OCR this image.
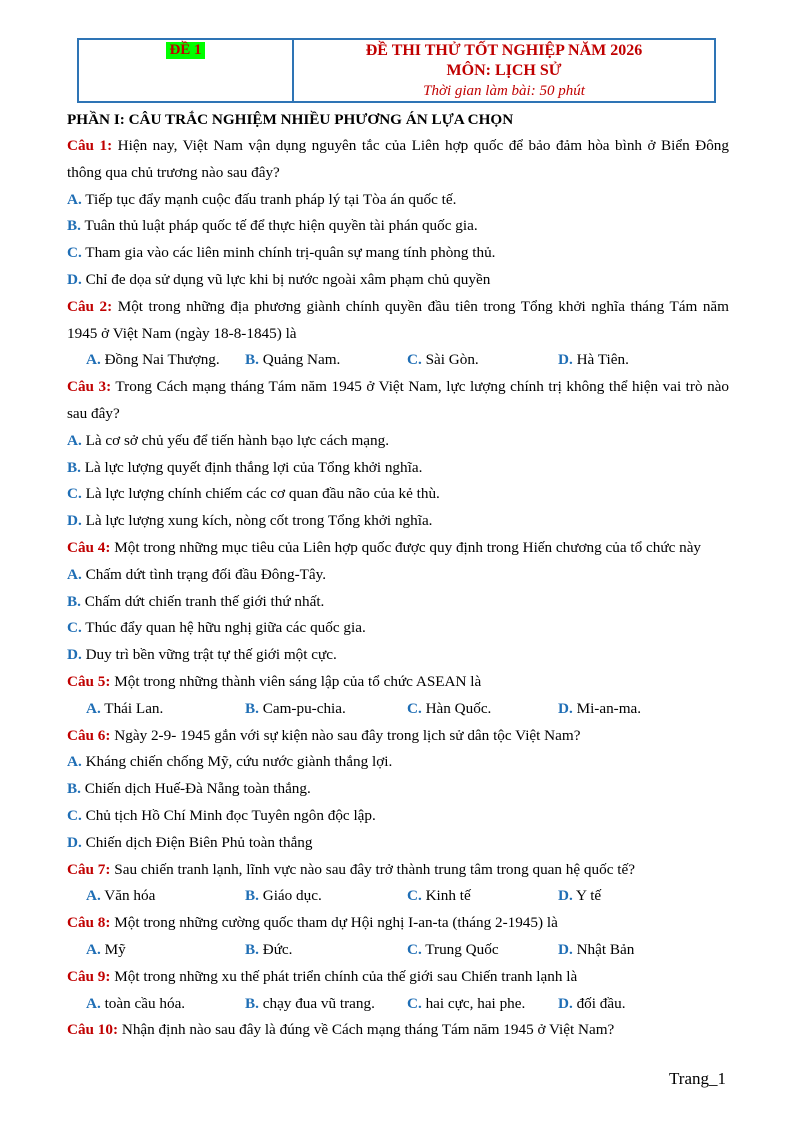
ĐỀ 1	ĐỀ THI THỬ TỐT NGHIỆP NĂM 2026
MÔN: LỊCH SỬ
Thời gian làm bài: 50 phút
PHẦN I: CÂU TRẮC NGHIỆM NHIỀU PHƯƠNG ÁN LỰA CHỌN

Câu 1: Hiện nay, Việt Nam vận dụng nguyên tắc của Liên hợp quốc để bảo đảm hòa bình ở Biển Đông thông qua chủ trương nào sau đây?

A. Tiếp tục đẩy mạnh cuộc đấu tranh pháp lý tại Tòa án quốc tế.

B. Tuân thủ luật pháp quốc tế để thực hiện quyền tài phán quốc gia.

C. Tham gia vào các liên minh chính trị-quân sự mang tính phòng thủ.

D. Chỉ đe dọa sử dụng vũ lực khi bị nước ngoài xâm phạm chủ quyền

Câu 2: Một trong những địa phương giành chính quyền đầu tiên trong Tổng khởi nghĩa tháng Tám năm 1945 ở Việt Nam (ngày 18-8-1845) là

A. Đồng Nai Thượng.	B. Quảng Nam.	C. Sài Gòn.	D. Hà Tiên.

Câu 3: Trong Cách mạng tháng Tám năm 1945 ở Việt Nam, lực lượng chính trị không thể hiện vai trò nào sau đây?

A. Là cơ sở chủ yếu để tiến hành bạo lực cách mạng.

B. Là lực lượng quyết định thắng lợi của Tổng khởi nghĩa.

C. Là lực lượng chính chiếm các cơ quan đầu não của kẻ thù.

D. Là lực lượng xung kích, nòng cốt trong Tổng khởi nghĩa.

Câu 4: Một trong những mục tiêu của Liên hợp quốc được quy định trong Hiến chương của tổ chức này

A. Chấm dứt tình trạng đối đầu Đông-Tây.

B. Chấm dứt chiến tranh thế giới thứ nhất.

C. Thúc đẩy quan hệ hữu nghị giữa các quốc gia.

D. Duy trì bền vững trật tự thế giới một cực.

Câu 5: Một trong những thành viên sáng lập của tổ chức ASEAN là

A. Thái Lan.	B. Cam-pu-chia.	C. Hàn Quốc.	D. Mi-an-ma.

Câu 6: Ngày 2-9- 1945 gắn với sự kiện nào sau đây trong lịch sử dân tộc Việt Nam?

A. Kháng chiến chống Mỹ, cứu nước giành thắng lợi.

B. Chiến dịch Huế-Đà Nẵng toàn thắng.

C. Chủ tịch Hồ Chí Minh đọc Tuyên ngôn độc lập.

D. Chiến dịch Điện Biên Phủ toàn thắng

Câu 7: Sau chiến tranh lạnh, lĩnh vực nào sau đây trở thành trung tâm trong quan hệ quốc tế?

A. Văn hóa	B. Giáo dục.	C. Kinh tế	D. Y tế

Câu 8: Một trong những cường quốc tham dự Hội nghị I-an-ta (tháng 2-1945) là

A. Mỹ	B. Đức.	C. Trung Quốc	D. Nhật Bản

Câu 9: Một trong những xu thế phát triển chính của thế giới sau Chiến tranh lạnh là

A. toàn cầu hóa.	B. chạy đua vũ trang.	C. hai cực, hai phe.	D. đối đầu.

Câu 10: Nhận định nào sau đây là đúng về Cách mạng tháng Tám năm 1945 ở Việt Nam?

Trang_1
